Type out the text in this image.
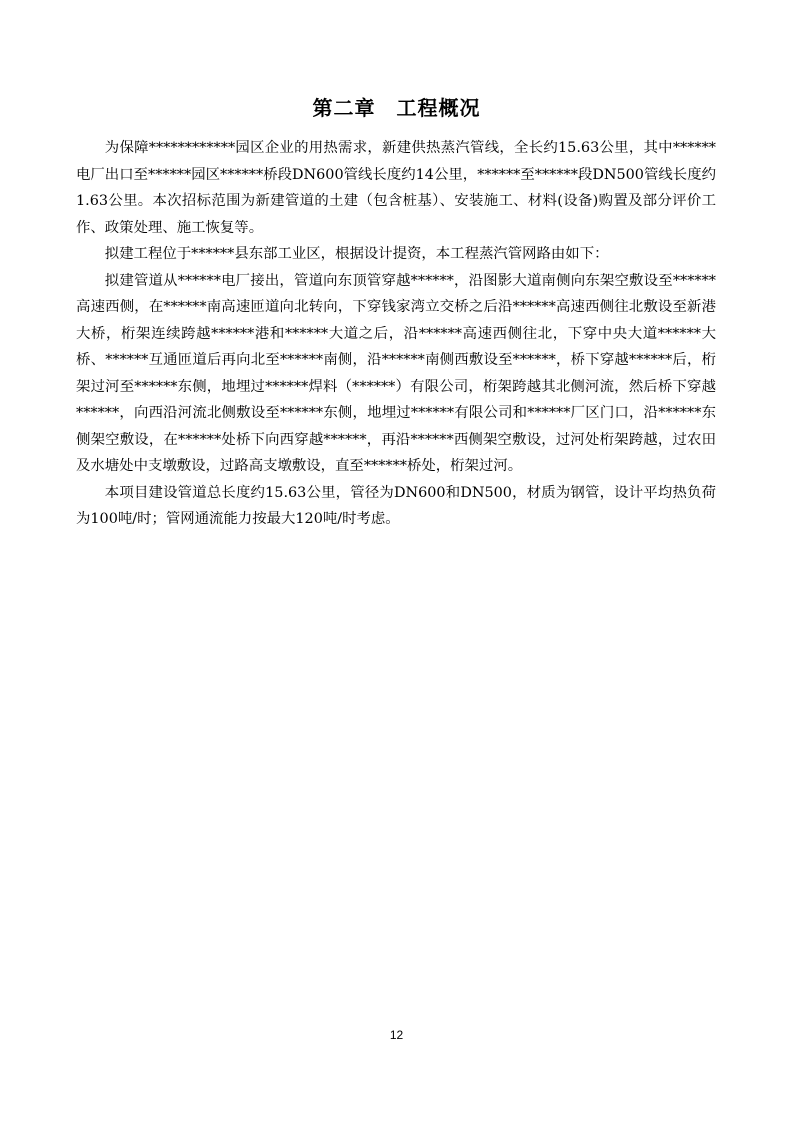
第二章　工程概况

为保障************园区企业的用热需求，新建供热蒸汽管线，全长约15.63公里，其中******电厂出口至******园区******桥段DN600管线长度约14公里，******至******段DN500管线长度约1.63公里。本次招标范围为新建管道的土建（包含桩基）、安装施工、材料(设备)购置及部分评价工作、政策处理、施工恢复等。

拟建工程位于******县东部工业区，根据设计提资，本工程蒸汽管网路由如下：

拟建管道从******电厂接出，管道向东顶管穿越******，沿图影大道南侧向东架空敷设至******高速西侧，在******南高速匝道向北转向，下穿钱家湾立交桥之后沿******高速西侧往北敷设至新港大桥，桁架连续跨越******港和******大道之后，沿******高速西侧往北，下穿中央大道******大桥、******互通匝道后再向北至******南侧，沿******南侧西敷设至******，桥下穿越******后，桁架过河至******东侧，地埋过******焊料（******）有限公司，桁架跨越其北侧河流，然后桥下穿越******，向西沿河流北侧敷设至******东侧，地埋过******有限公司和******厂区门口，沿******东侧架空敷设，在******处桥下向西穿越******，再沿******西侧架空敷设，过河处桁架跨越，过农田及水塘处中支墩敷设，过路高支墩敷设，直至******桥处，桁架过河。

本项目建设管道总长度约15.63公里，管径为DN600和DN500，材质为钢管，设计平均热负荷为100吨/时；管网通流能力按最大120吨/时考虑。

12
